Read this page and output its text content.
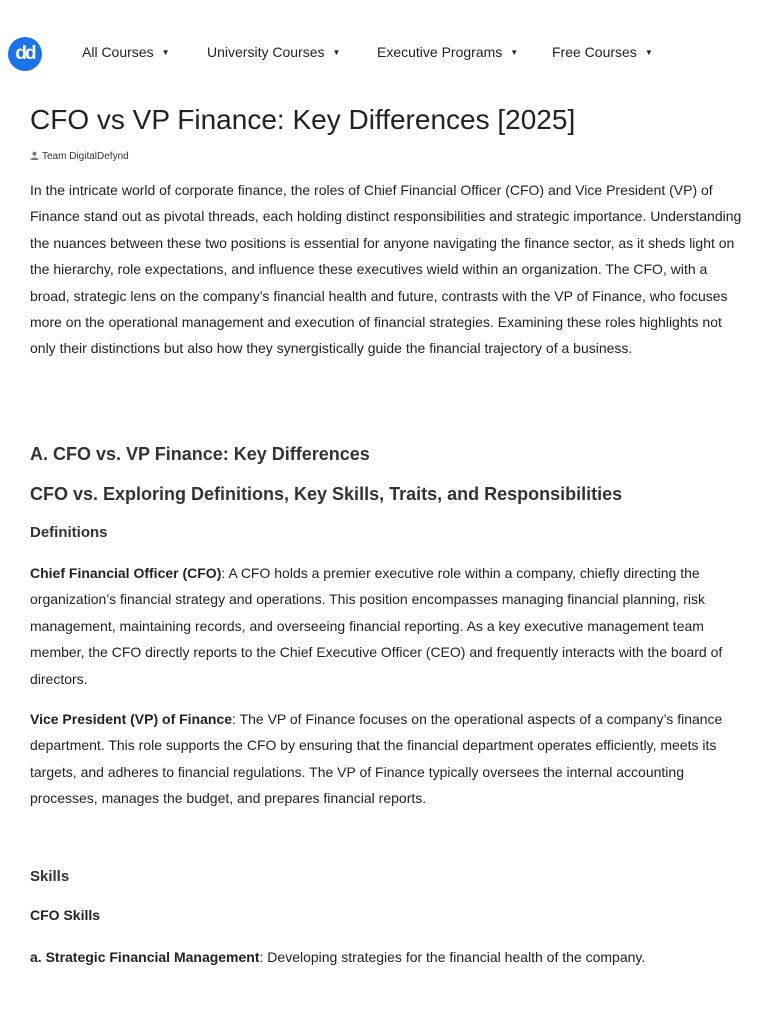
dd	All Courses ▼	University Courses ▼	Executive Programs ▼ Free Courses ▼
CFO vs VP Finance: Key Differences [2025]
Team DigitalDefynd

In the intricate world of corporate finance, the roles of Chief Financial Officer (CFO) and Vice President (VP) of Finance stand out as pivotal threads, each holding distinct responsibilities and strategic importance. Understanding the nuances between these two positions is essential for anyone navigating the finance sector, as it sheds light on the hierarchy, role expectations, and influence these executives wield within an organization. The CFO, with a broad, strategic lens on the company’s financial health and future, contrasts with the VP of Finance, who focuses more on the operational management and execution of financial strategies. Examining these roles highlights not only their distinctions but also how they synergistically guide the financial trajectory of a business.

A. CFO vs. VP Finance: Key Differences
CFO vs. Exploring Definitions, Key Skills, Traits, and Responsibilities
Definitions

Chief Financial Officer (CFO): A CFO holds a premier executive role within a company, chiefly directing the organization’s financial strategy and operations. This position encompasses managing financial planning, risk management, maintaining records, and overseeing financial reporting. As a key executive management team member, the CFO directly reports to the Chief Executive Officer (CEO) and frequently interacts with the board of directors.

Vice President (VP) of Finance: The VP of Finance focuses on the operational aspects of a company’s finance department. This role supports the CFO by ensuring that the financial department operates efficiently, meets its targets, and adheres to financial regulations. The VP of Finance typically oversees the internal accounting processes, manages the budget, and prepares financial reports.

Skills
CFO Skills

a. Strategic Financial Management: Developing strategies for the financial health of the company.
